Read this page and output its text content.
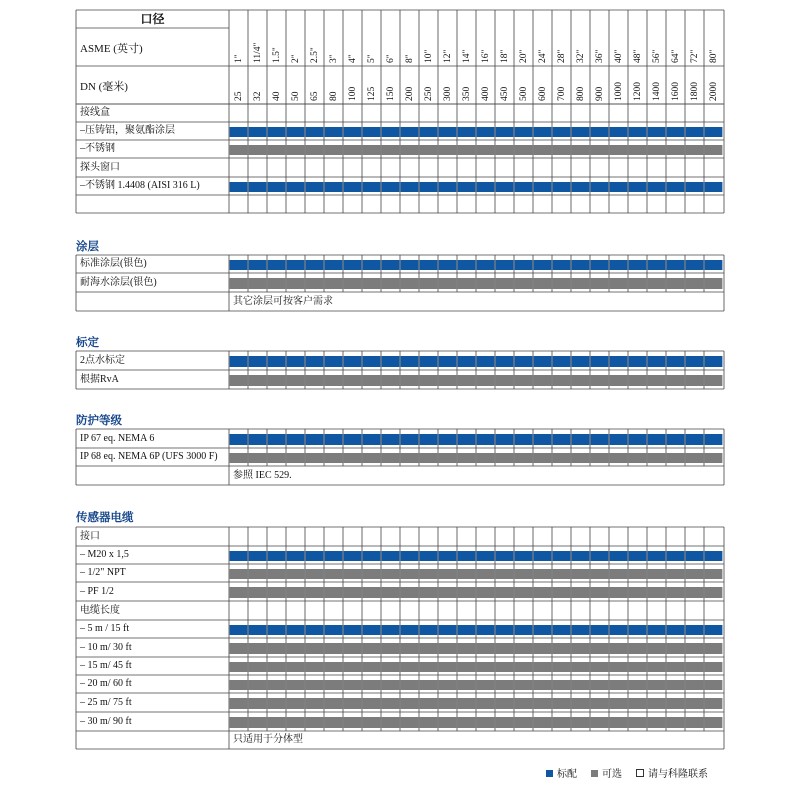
口径
ASME (英寸)
DN (毫米)
1"
25
11/4"
32
1.5"
40
2"
50
2.5"
65
3"
80
4"
100
5"
125
6"
150
8"
200
10"
250
12"
300
14"
350
16"
400
18"
450
20"
500
24"
600
28"
700
32"
800
36"
900
40"
1000
48"
1200
56"
1400
64"
1600
72"
1800
80"
2000
接线盒
–压铸铝，聚氨酯涂层
–不锈钢
探头窗口
–不锈钢 1.4408 (AISI 316 L)
标准涂层(银色)
耐海水涂层(银色)
2点水标定
根据RvA
IP 67 eq. NEMA 6
IP 68 eq. NEMA 6P (UFS 3000 F)
接口
– M20 x 1,5
– 1/2" NPT
– PF 1/2
电缆长度
– 5 m / 15 ft
– 10 m/ 30 ft
– 15 m/ 45 ft
– 20 m/ 60 ft
– 25 m/ 75 ft
– 30 m/ 90 ft
涂层
标定
防护等级
传感器电缆
其它涂层可按客户需求
参照 IEC 529.
只适用于分体型
标配	可选	请与科隆联系
